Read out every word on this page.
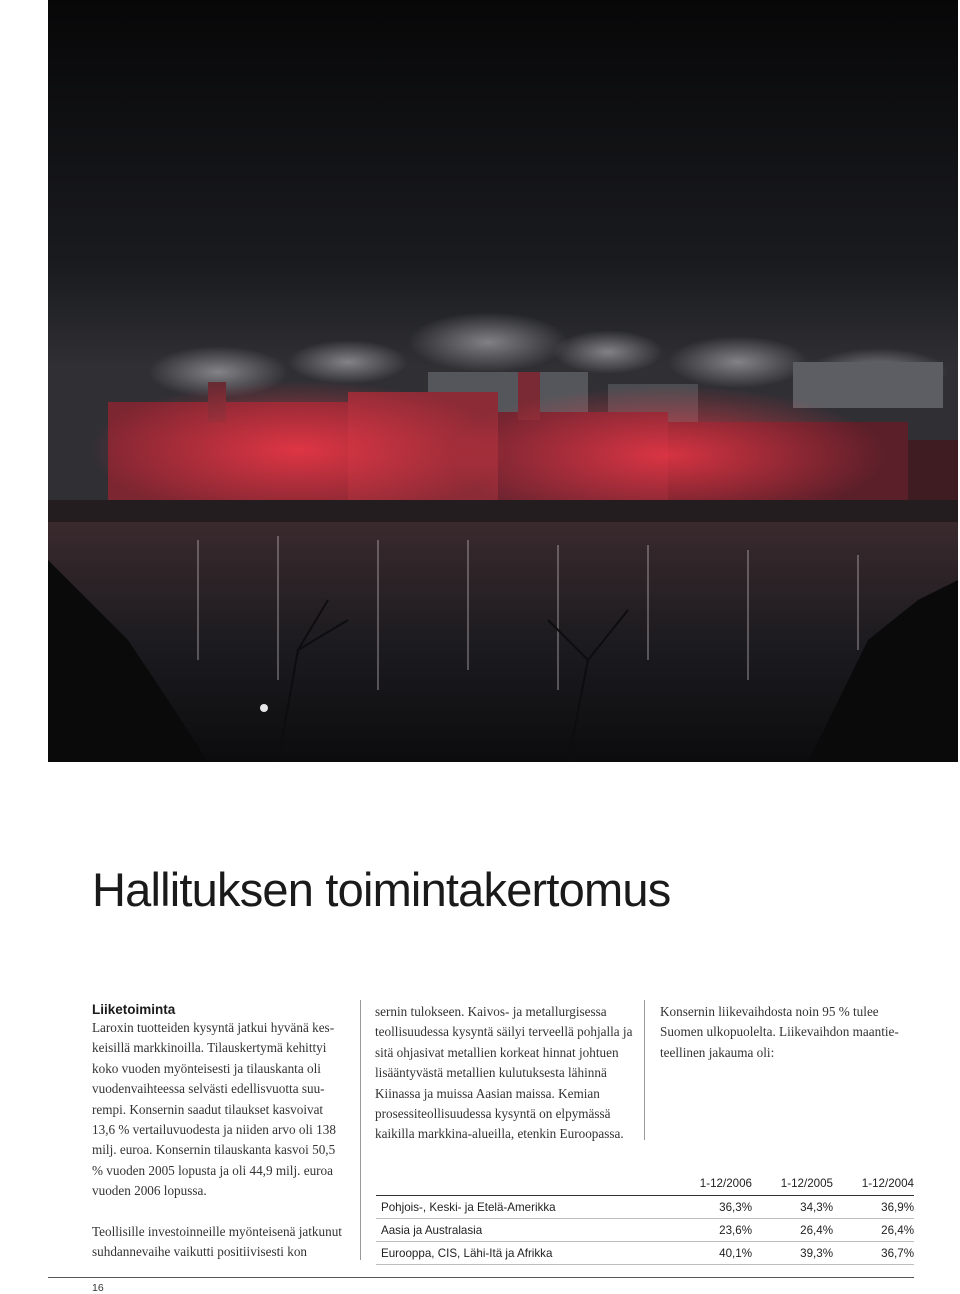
Hallituksen toimintakertomus
Liiketoiminta

Laroxin tuotteiden kysyntä jatkui hyvänä keskeisillä markkinoilla. Tilauskertymä kehittyi koko vuoden myönteisesti ja tilauskanta oli vuodenvaihteessa selvästi edellisvuotta suurempi. Konsernin saadut tilaukset kasvoivat 13,6 % vertailuvuodesta ja niiden arvo oli 138 milj. euroa. Konsernin tilauskanta kasvoi 50,5 % vuoden 2005 lopusta ja oli 44,9 milj. euroa vuoden 2006 lopussa.

Teollisille investoinneille myönteisenä jatkunut suhdannevaihe vaikutti positiivisesti kon

sernin tulokseen. Kaivos- ja metallurgisessa teollisuudessa kysyntä säilyi terveellä pohjalla ja sitä ohjasivat metallien korkeat hinnat johtuen lisääntyvästä metallien kulutuksesta lähinnä Kiinassa ja muissa Aasian maissa. Kemian prosessiteollisuudessa kysyntä on elpymässä kaikilla markkina-alueilla, etenkin Euroopassa.

Konsernin liikevaihdosta noin 95 % tulee Suomen ulkopuolelta. Liikevaihdon maantieteellinen jakauma oli:

1-12/2006	1-12/2005	1-12/2004
Pohjois-, Keski- ja Etelä-Amerikka	36,3%	34,3%	36,9%
Aasia ja Australasia	23,6%	26,4%	26,4%
Eurooppa, CIS, Lähi-Itä ja Afrikka	40,1%	39,3%	36,7%
16
